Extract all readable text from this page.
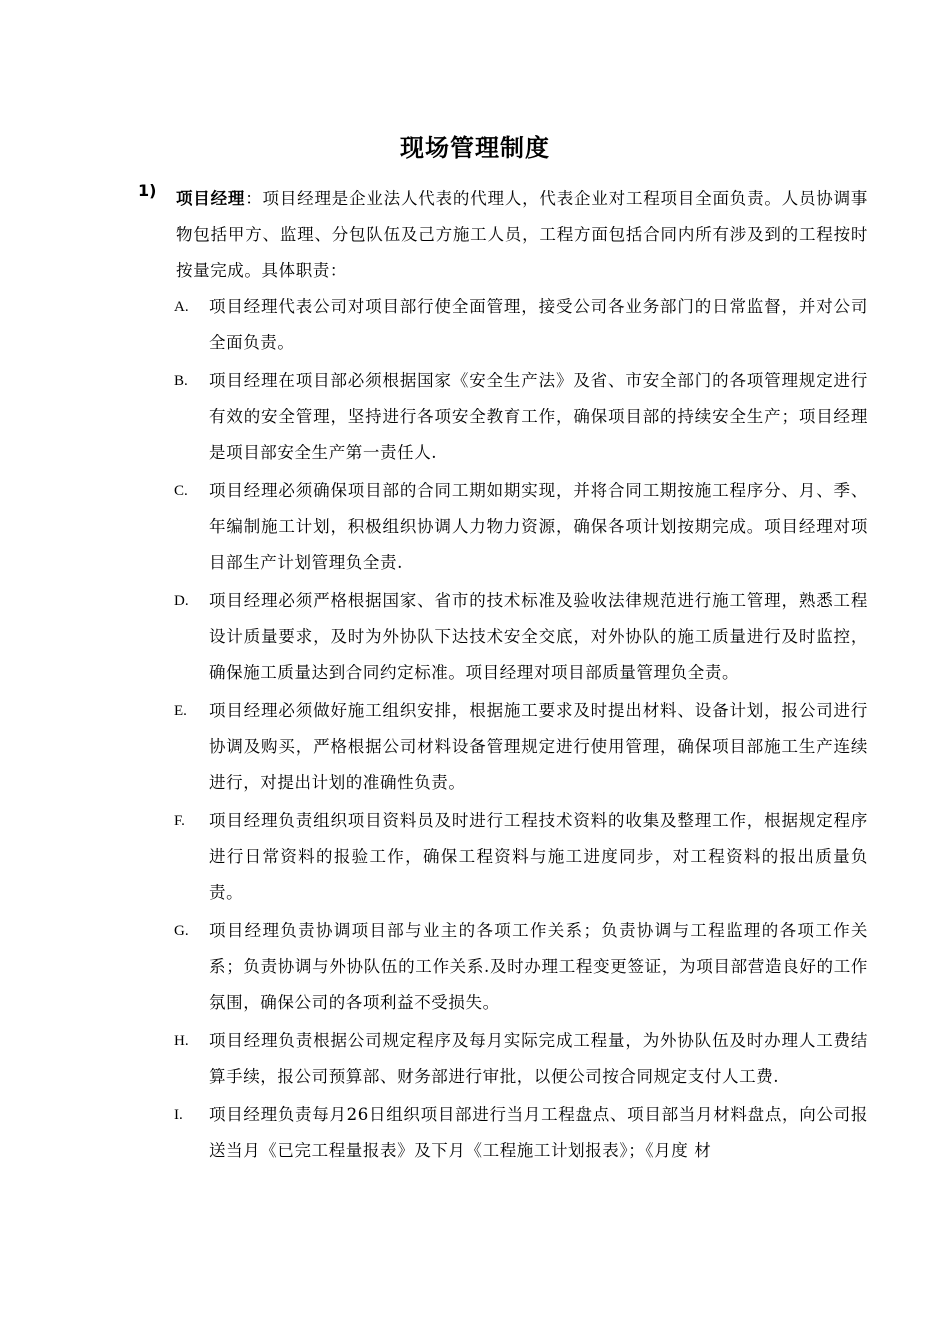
现场管理制度
1) 项目经理：项目经理是企业法人代表的代理人，代表企业对工程项目全面负责。人员协调事物包括甲方、监理、分包队伍及己方施工人员，工程方面包括合同内所有涉及到的工程按时按量完成。具体职责：
A. 项目经理代表公司对项目部行使全面管理，接受公司各业务部门的日常监督，并对公司全面负责。
B. 项目经理在项目部必须根据国家《安全生产法》及省、市安全部门的各项管理规定进行有效的安全管理，坚持进行各项安全教育工作，确保项目部的持续安全生产；项目经理是项目部安全生产第一责任人.
C. 项目经理必须确保项目部的合同工期如期实现，并将合同工期按施工程序分、月、季、年编制施工计划，积极组织协调人力物力资源，确保各项计划按期完成。项目经理对项目部生产计划管理负全责.
D. 项目经理必须严格根据国家、省市的技术标准及验收法律规范进行施工管理，熟悉工程设计质量要求，及时为外协队下达技术安全交底，对外协队的施工质量进行及时监控，确保施工质量达到合同约定标准。项目经理对项目部质量管理负全责。
E. 项目经理必须做好施工组织安排，根据施工要求及时提出材料、设备计划，报公司进行协调及购买，严格根据公司材料设备管理规定进行使用管理，确保项目部施工生产连续进行，对提出计划的准确性负责。
F. 项目经理负责组织项目资料员及时进行工程技术资料的收集及整理工作，根据规定程序进行日常资料的报验工作，确保工程资料与施工进度同步，对工程资料的报出质量负责。
G. 项目经理负责协调项目部与业主的各项工作关系；负责协调与工程监理的各项工作关系；负责协调与外协队伍的工作关系.及时办理工程变更签证，为项目部营造良好的工作氛围，确保公司的各项利益不受损失。
H. 项目经理负责根据公司规定程序及每月实际完成工程量，为外协队伍及时办理人工费结算手续，报公司预算部、财务部进行审批，以便公司按合同规定支付人工费.
I. 项目经理负责每月26日组织项目部进行当月工程盘点、项目部当月材料盘点，向公司报送当月《已完工程量报表》及下月《工程施工计划报表》；《月度 材
